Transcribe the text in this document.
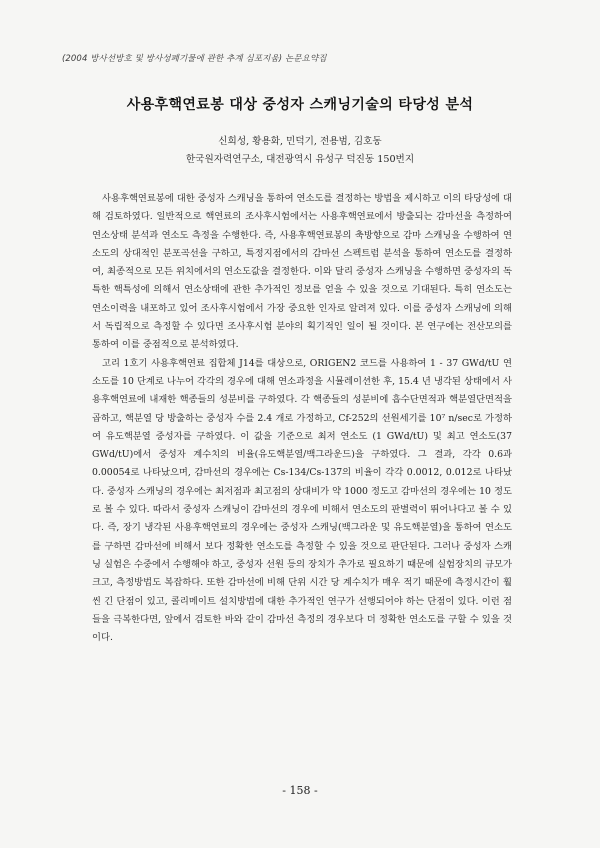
(2004 방사선방호 및 방사성폐기물에 관한 추계 심포지움) 논문요약집
사용후핵연료봉 대상 중성자 스캐닝기술의 타당성 분석
신희성, 황용화, 민덕기, 전용범, 김호동
한국원자력연구소, 대전광역시 유성구 덕진동 150번지

사용후핵연료봉에 대한 중성자 스캐닝을 통하여 연소도를 결정하는 방법을 제시하고 이의 타당성에 대해 검토하였다. 일반적으로 핵연료의 조사후시험에서는 사용후핵연료에서 방출되는 감마선을 측정하여 연소상태 분석과 연소도 측정을 수행한다. 즉, 사용후핵연료봉의 축방향으로 감마 스캐닝을 수행하여 연소도의 상대적인 분포곡선을 구하고, 특정지점에서의 감마선 스펙트럼 분석을 통하여 연소도를 결정하여, 최종적으로 모든 위치에서의 연소도값을 결정한다. 이와 달리 중성자 스캐닝을 수행하면 중성자의 독특한 핵특성에 의해서 연소상태에 관한 추가적인 정보를 얻을 수 있을 것으로 기대된다. 특히 연소도는 연소이력을 내포하고 있어 조사후시험에서 가장 중요한 인자로 알려져 있다. 이를 중성자 스캐닝에 의해서 독립적으로 측정할 수 있다면 조사후시험 분야의 획기적인 일이 될 것이다. 본 연구에는 전산모의를 통하여 이를 중점적으로 분석하였다.

고리 1호기 사용후핵연료 집합체 J14를 대상으로, ORIGEN2 코드를 사용하여 1 - 37 GWd/tU 연소도를 10 단계로 나누어 각각의 경우에 대해 연소과정을 시뮬레이션한 후, 15.4 년 냉각된 상태에서 사용후핵연료에 내재한 핵종들의 성분비를 구하였다. 각 핵종들의 성분비에 흡수단면적과 핵분열단면적을 곱하고, 핵분열 당 방출하는 중성자 수를 2.4 개로 가정하고, Cf-252의 선원세기를 10⁷ n/sec로 가정하여 유도핵분열 중성자를 구하였다. 이 값을 기준으로 최저 연소도 (1 GWd/tU) 및 최고 연소도(37 GWd/tU)에서 중성자 계수치의 비율(유도핵분열/백그라운드)을 구하였다. 그 결과, 각각 0.6과 0.00054로 나타났으며, 감마선의 경우에는 Cs-134/Cs-137의 비율이 각각 0.0012, 0.012로 나타났다. 중성자 스캐닝의 경우에는 최저점과 최고점의 상대비가 약 1000 정도고 감마선의 경우에는 10 정도로 볼 수 있다. 따라서 중성자 스캐닝이 감마선의 경우에 비해서 연소도의 판별력이 뛰어나다고 볼 수 있다. 즉, 장기 냉각된 사용후핵연료의 경우에는 중성자 스캐닝(백그라운 및 유도핵분열)을 통하여 연소도를 구하면 감마선에 비해서 보다 정확한 연소도를 측정할 수 있을 것으로 판단된다. 그러나 중성자 스캐닝 실험은 수중에서 수행해야 하고, 중성자 선원 등의 장치가 추가로 필요하기 때문에 실험장치의 규모가 크고, 측정방법도 복잡하다. 또한 감마선에 비해 단위 시간 당 계수치가 매우 적기 때문에 측정시간이 훨씬 긴 단점이 있고, 콜리메이트 설치방법에 대한 추가적인 연구가 선행되어야 하는 단점이 있다. 이런 점들을 극복한다면, 앞에서 검토한 바와 같이 감마선 측정의 경우보다 더 정확한 연소도를 구할 수 있을 것이다.

- 158 -
